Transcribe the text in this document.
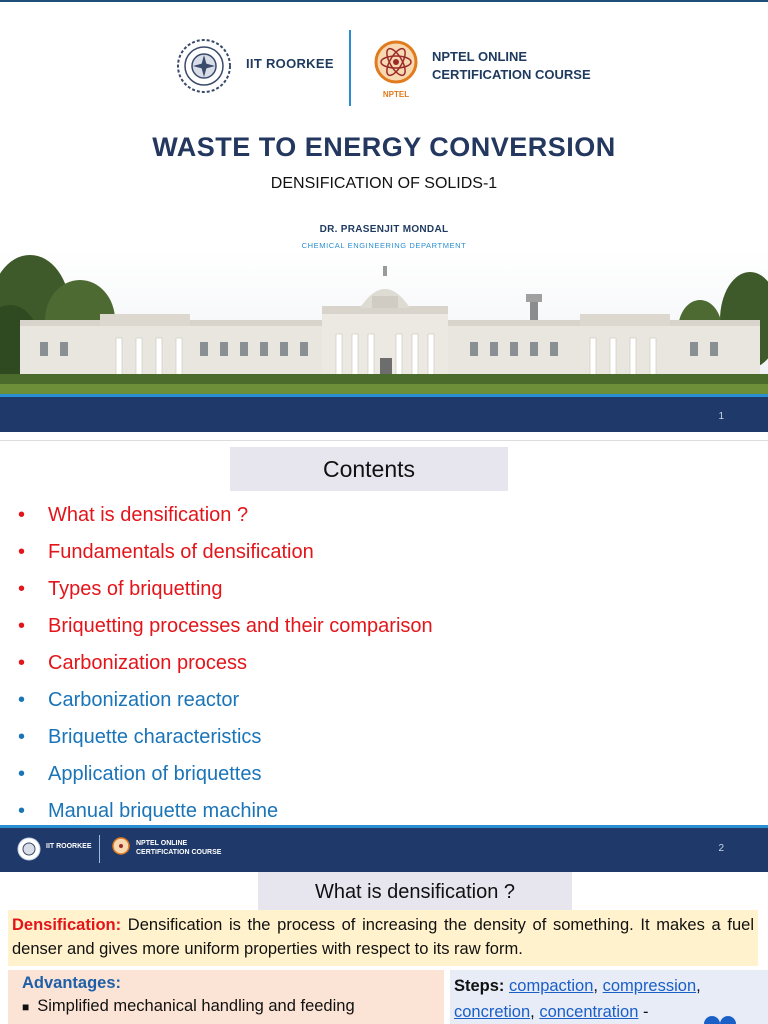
IIT ROORKEE
NPTEL
NPTEL ONLINE
CERTIFICATION COURSE
WASTE TO ENERGY CONVERSION
DENSIFICATION OF SOLIDS-1
DR. PRASENJIT MONDAL
CHEMICAL ENGINEERING DEPARTMENT
1
Contents
• What is densification ?
• Fundamentals of densification
• Types of briquetting
• Briquetting processes and their comparison
• Carbonization process
• Carbonization reactor
• Briquette characteristics
• Application of briquettes
• Manual briquette machine
IIT ROORKEE	NPTEL ONLINE
CERTIFICATION COURSE	2
What is densification ?
Densification: Densification is the process of increasing the density of something. It makes a fuel denser and gives more uniform properties with respect to its raw form.
Advantages:
■ Simplified mechanical handling and feeding
Steps: compaction, compression, concretion, concentration -
